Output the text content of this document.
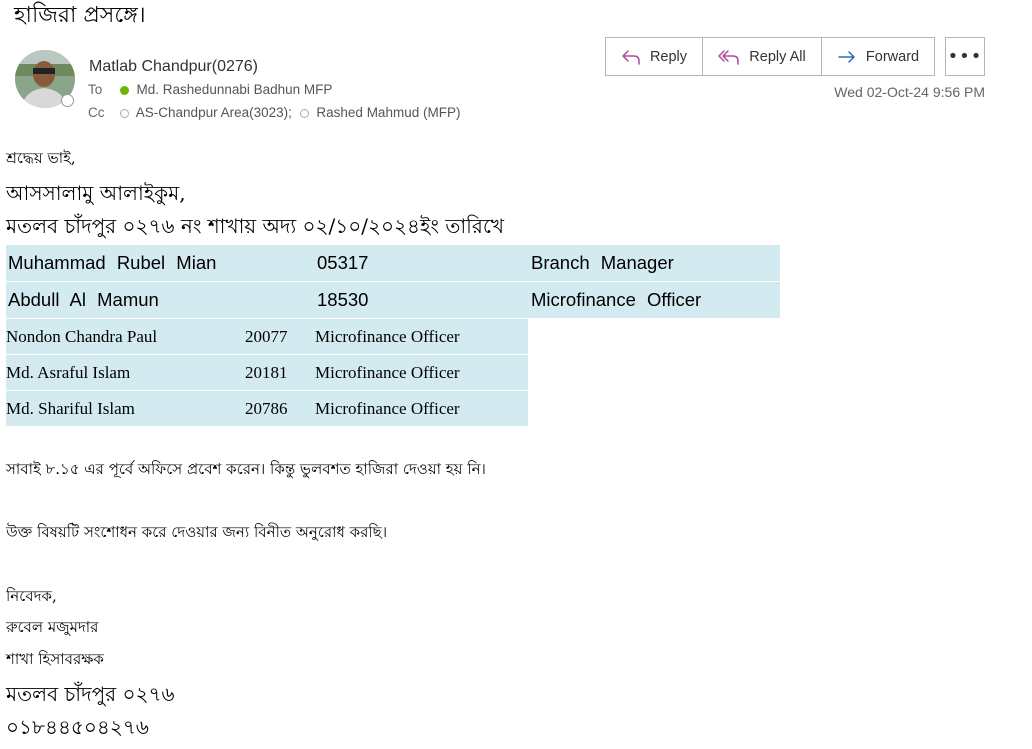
হাজিরা প্রসঙ্গে।
Matlab Chandpur(0276)
To	Md. Rashedunnabi Badhun MFP
Cc AS-Chandpur Area(3023); Rashed Mahmud (MFP)
Reply	Reply All	Forward •••
Wed 02-Oct-24 9:56 PM
শ্রদ্ধেয় ভাই,
আসসালামু আলাইকুম,
মতলব চাঁদপুর ০২৭৬ নং শাখায় অদ্য ০২/১০/২০২৪ইং তারিখে
Muhammad Rubel Mian	05317	Branch Manager
Abdull Al Mamun	18530	Microfinance Officer
Nondon Chandra Paul	20077	Microfinance Officer
Md. Asraful Islam	20181	Microfinance Officer
Md. Shariful Islam	20786	Microfinance Officer
সাবাই ৮.১৫ এর পূর্বে অফিসে প্রবেশ করেন। কিন্তু ভুলবশত হাজিরা দেওয়া হয় নি।
উক্ত বিষয়টি সংশোধন করে দেওয়ার জন্য বিনীত অনুরোধ করছি।
নিবেদক,
রুবেল মজুমদার
শাখা হিসাবরক্ষক
মতলব চাঁদপুর ০২৭৬
০১৮৪৪৫০৪২৭৬
